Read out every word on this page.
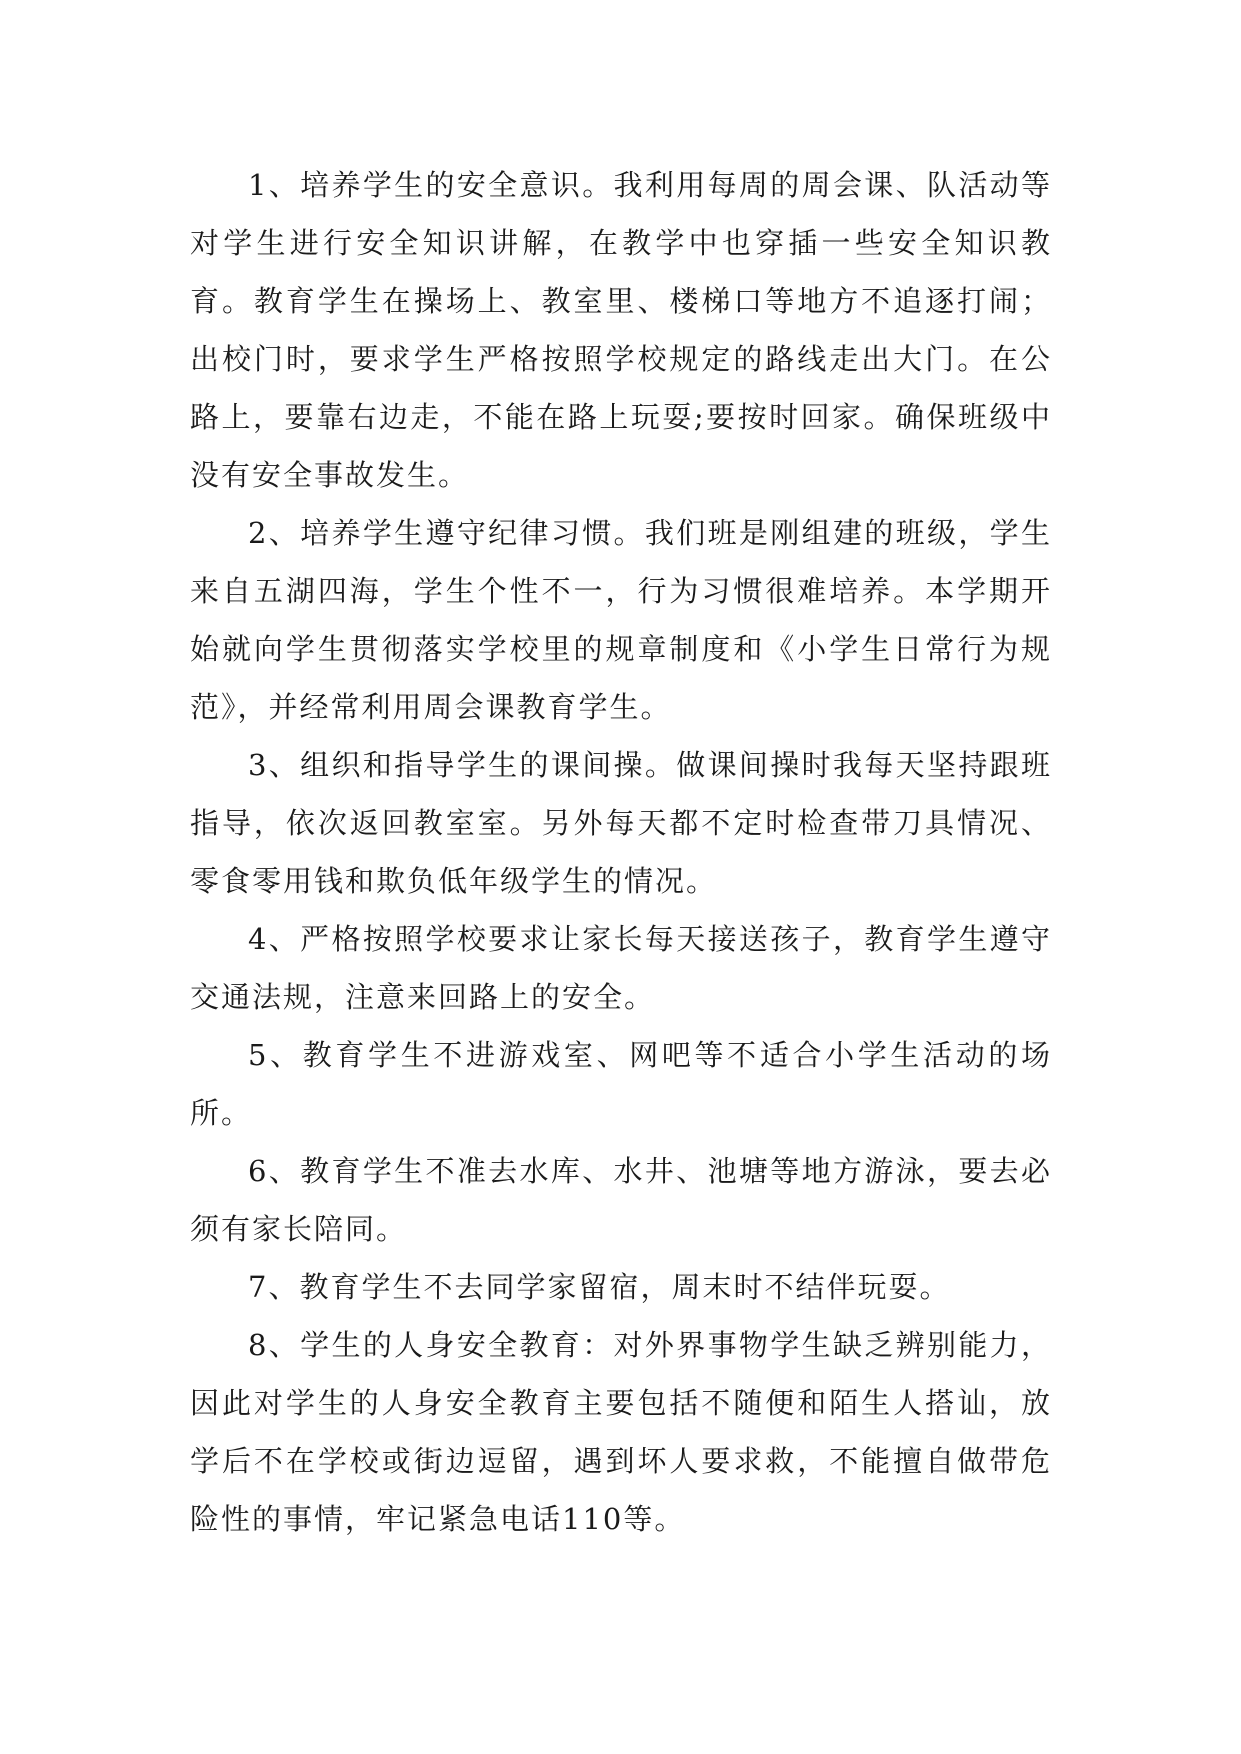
1、培养学生的安全意识。我利用每周的周会课、队活动等对学生进行安全知识讲解，在教学中也穿插一些安全知识教育。教育学生在操场上、教室里、楼梯口等地方不追逐打闹；出校门时，要求学生严格按照学校规定的路线走出大门。在公路上，要靠右边走，不能在路上玩耍;要按时回家。确保班级中没有安全事故发生。

2、培养学生遵守纪律习惯。我们班是刚组建的班级，学生来自五湖四海，学生个性不一，行为习惯很难培养。本学期开始就向学生贯彻落实学校里的规章制度和《小学生日常行为规范》，并经常利用周会课教育学生。

3、组织和指导学生的课间操。做课间操时我每天坚持跟班指导，依次返回教室室。另外每天都不定时检查带刀具情况、零食零用钱和欺负低年级学生的情况。

4、严格按照学校要求让家长每天接送孩子，教育学生遵守交通法规，注意来回路上的安全。

5、教育学生不进游戏室、网吧等不适合小学生活动的场所。

6、教育学生不准去水库、水井、池塘等地方游泳，要去必须有家长陪同。

7、教育学生不去同学家留宿，周末时不结伴玩耍。

8、学生的人身安全教育：对外界事物学生缺乏辨别能力，因此对学生的人身安全教育主要包括不随便和陌生人搭讪，放学后不在学校或街边逗留，遇到坏人要求救，不能擅自做带危险性的事情，牢记紧急电话110等。
